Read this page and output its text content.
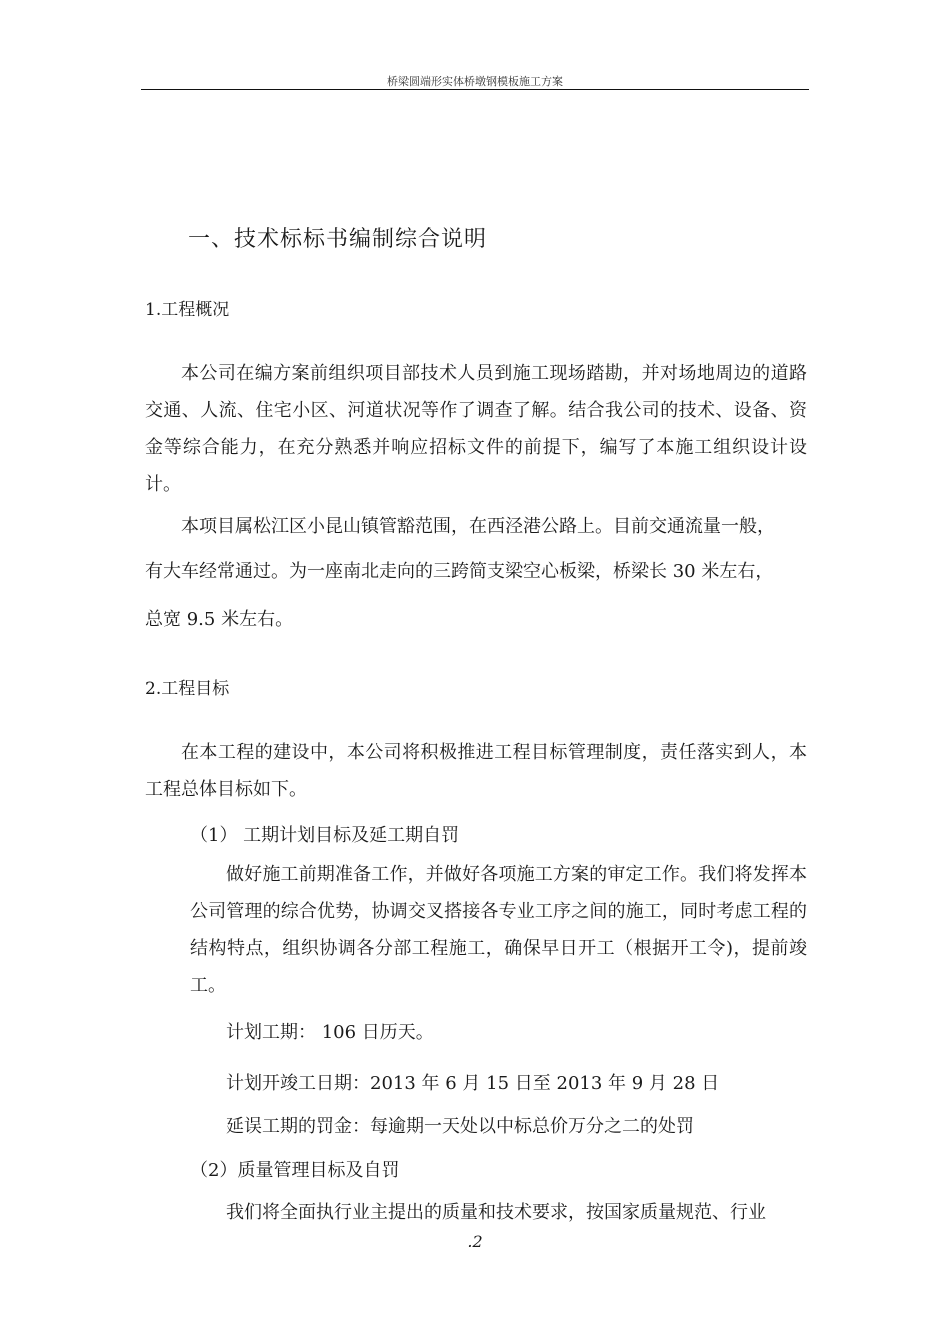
桥梁圆端形实体桥墩钢模板施工方案
一、技术标标书编制综合说明
1.工程概况

本公司在编方案前组织项目部技术人员到施工现场踏勘，并对场地周边的道路交通、人流、住宅小区、河道状况等作了调查了解。结合我公司的技术、设备、资金等综合能力，在充分熟悉并响应招标文件的前提下，编写了本施工组织设计设计。

本项目属松江区小昆山镇管豁范围，在西泾港公路上。目前交通流量一般，
有大车经常通过。为一座南北走向的三跨简支梁空心板梁，桥梁长 30 米左右，
总宽 9.5 米左右。
2.工程目标

在本工程的建设中，本公司将积极推进工程目标管理制度，责任落实到人，本工程总体目标如下。

（1） 工期计划目标及延工期自罚

做好施工前期准备工作，并做好各项施工方案的审定工作。我们将发挥本公司管理的综合优势，协调交叉搭接各专业工序之间的施工，同时考虑工程的结构特点，组织协调各分部工程施工，确保早日开工（根据开工令)，提前竣工。

计划工期： 106 日历天。
计划开竣工日期：2013 年 6 月 15 日至 2013 年 9 月 28 日
延误工期的罚金：每逾期一天处以中标总价万分之二的处罚
（2）质量管理目标及自罚
我们将全面执行业主提出的质量和技术要求，按国家质量规范、行业
.2
